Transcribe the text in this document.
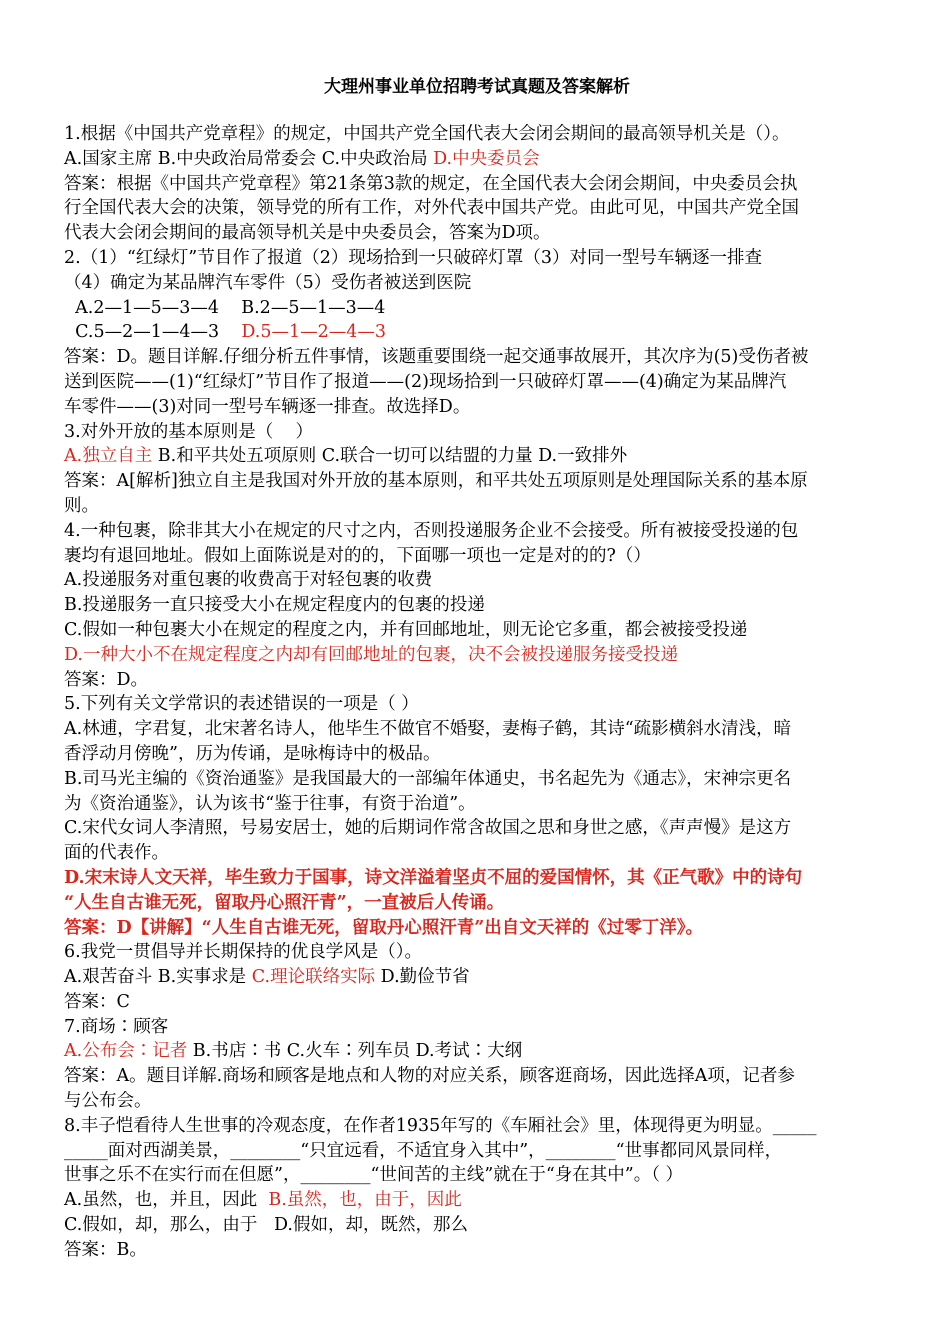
大理州事业单位招聘考试真题及答案解析
1.根据《中国共产党章程》的规定，中国共产党全国代表大会闭会期间的最高领导机关是（）。
A.国家主席 B.中央政治局常委会 C.中央政治局 D.中央委员会
答案：根据《中国共产党章程》第21条第3款的规定，在全国代表大会闭会期间，中央委员会执
行全国代表大会的决策，领导党的所有工作，对外代表中国共产党。由此可见，中国共产党全国
代表大会闭会期间的最高领导机关是中央委员会，答案为D项。
2.（1）“红绿灯”节目作了报道（2）现场拾到一只破碎灯罩（3）对同一型号车辆逐一排查
（4）确定为某品牌汽车零件（5）受伤者被送到医院
A.2—1—5—3—4    B.2—5—1—3—4
C.5—2—1—4—3    D.5—1—2—4—3
答案：D。题目详解.仔细分析五件事情，该题重要围绕一起交通事故展开，其次序为(5)受伤者被
送到医院——(1)“红绿灯”节目作了报道——(2)现场拾到一只破碎灯罩——(4)确定为某品牌汽
车零件——(3)对同一型号车辆逐一排查。故选择D。
3.对外开放的基本原则是（    ）
A.独立自主 B.和平共处五项原则 C.联合一切可以结盟的力量 D.一致排外
答案：A[解析]独立自主是我国对外开放的基本原则，和平共处五项原则是处理国际关系的基本原
则。
4.一种包裹，除非其大小在规定的尺寸之内，否则投递服务企业不会接受。所有被接受投递的包
裹均有退回地址。假如上面陈说是对的的，下面哪一项也一定是对的的?（）
A.投递服务对重包裹的收费高于对轻包裹的收费
B.投递服务一直只接受大小在规定程度内的包裹的投递
C.假如一种包裹大小在规定的程度之内，并有回邮地址，则无论它多重，都会被接受投递
D.一种大小不在规定程度之内却有回邮地址的包裹，决不会被投递服务接受投递
答案：D。
5.下列有关文学常识的表述错误的一项是（ ）
A.林逋，字君复，北宋著名诗人，他毕生不做官不婚娶，妻梅子鹤，其诗“疏影横斜水清浅，暗
香浮动月傍晚”，历为传诵，是咏梅诗中的极品。
B.司马光主编的《资治通鉴》是我国最大的一部编年体通史，书名起先为《通志》，宋神宗更名
为《资治通鉴》，认为该书“鉴于往事，有资于治道”。
C.宋代女词人李清照，号易安居士，她的后期词作常含故国之思和身世之感，《声声慢》是这方
面的代表作。
D.宋末诗人文天祥，毕生致力于国事，诗文洋溢着坚贞不屈的爱国情怀，其《正气歌》中的诗句
“人生自古谁无死，留取丹心照汗青”，一直被后人传诵。
答案：D【讲解】“人生自古谁无死，留取丹心照汗青”出自文天祥的《过零丁洋》。
6.我党一贯倡导并长期保持的优良学风是（）。
A.艰苦奋斗 B.实事求是 C.理论联络实际 D.勤俭节省
答案：C
7.商场∶顾客
A.公布会∶记者 B.书店∶书 C.火车∶列车员 D.考试∶大纲
答案：A。题目详解.商场和顾客是地点和人物的对应关系，顾客逛商场，因此选择A项，记者参
与公布会。
8.丰子恺看待人生世事的冷观态度，在作者1935年写的《车厢社会》里，体现得更为明显。_____
_____面对西湖美景，________“只宜远看，不适宜身入其中”，________“世事都同风景同样，
世事之乐不在实行而在但愿”，________“世间苦的主线”就在于“身在其中”。（ ）
A.虽然，也，并且，因此  B.虽然，也，由于，因此
C.假如，却，那么，由于   D.假如，却，既然，那么
答案：B。
